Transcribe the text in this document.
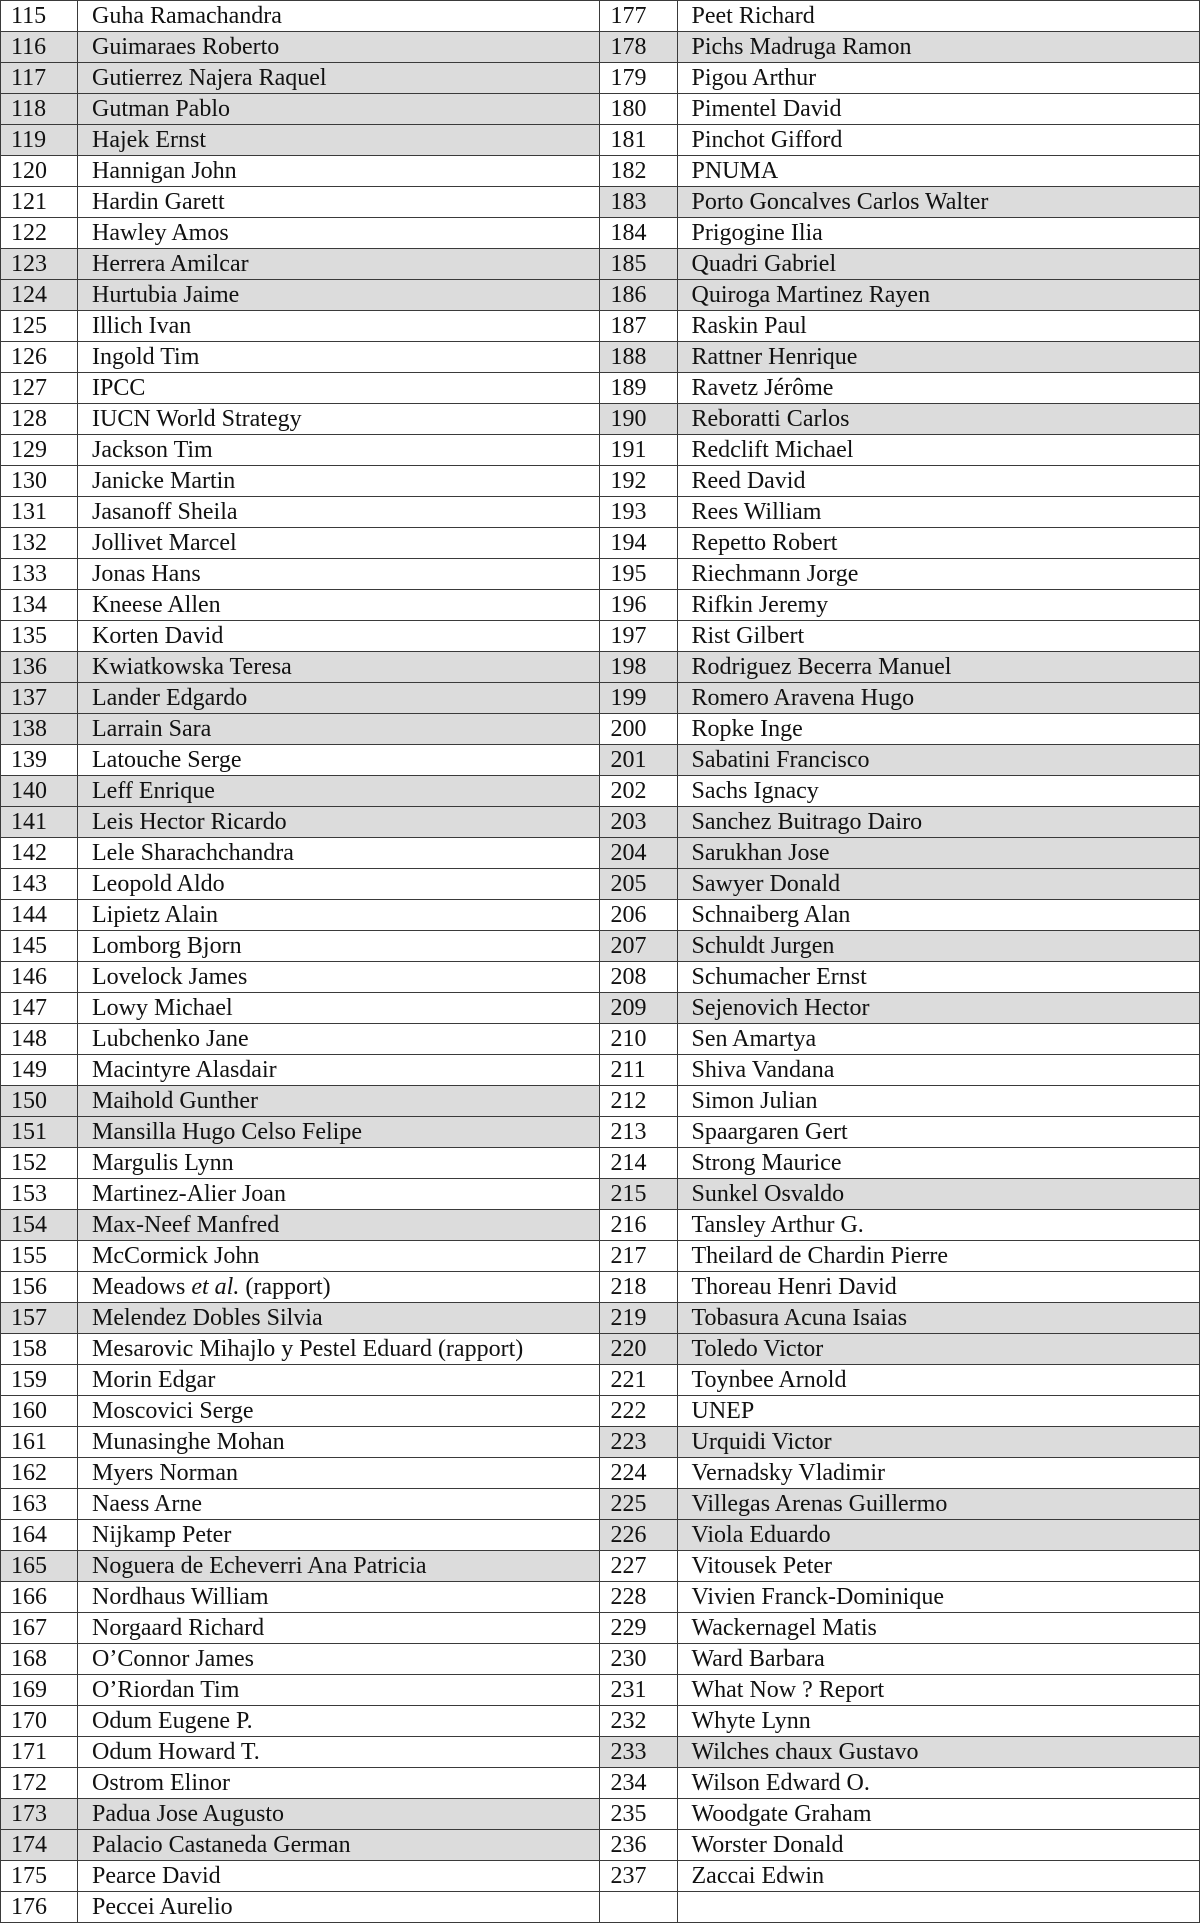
115	Guha Ramachandra	177	Peet Richard
116	Guimaraes Roberto	178	Pichs Madruga Ramon
117	Gutierrez Najera Raquel	179	Pigou Arthur
118	Gutman Pablo	180	Pimentel David
119	Hajek Ernst	181	Pinchot Gifford
120	Hannigan John	182	PNUMA
121	Hardin Garett	183	Porto Goncalves Carlos Walter
122	Hawley Amos	184	Prigogine Ilia
123	Herrera Amilcar	185	Quadri Gabriel
124	Hurtubia Jaime	186	Quiroga Martinez Rayen
125	Illich Ivan	187	Raskin Paul
126	Ingold Tim	188	Rattner Henrique
127	IPCC	189	Ravetz Jérôme
128	IUCN World Strategy	190	Reboratti Carlos
129	Jackson Tim	191	Redclift Michael
130	Janicke Martin	192	Reed David
131	Jasanoff Sheila	193	Rees William
132	Jollivet Marcel	194	Repetto Robert
133	Jonas Hans	195	Riechmann Jorge
134	Kneese Allen	196	Rifkin Jeremy
135	Korten David	197	Rist Gilbert
136	Kwiatkowska Teresa	198	Rodriguez Becerra Manuel
137	Lander Edgardo	199	Romero Aravena Hugo
138	Larrain Sara	200	Ropke Inge
139	Latouche Serge	201	Sabatini Francisco
140	Leff Enrique	202	Sachs Ignacy
141	Leis Hector Ricardo	203	Sanchez Buitrago Dairo
142	Lele Sharachchandra	204	Sarukhan Jose
143	Leopold Aldo	205	Sawyer Donald
144	Lipietz Alain	206	Schnaiberg Alan
145	Lomborg Bjorn	207	Schuldt Jurgen
146	Lovelock James	208	Schumacher Ernst
147	Lowy Michael	209	Sejenovich Hector
148	Lubchenko Jane	210	Sen Amartya
149	Macintyre Alasdair	211	Shiva Vandana
150	Maihold Gunther	212	Simon Julian
151	Mansilla Hugo Celso Felipe	213	Spaargaren Gert
152	Margulis Lynn	214	Strong Maurice
153	Martinez-Alier Joan	215	Sunkel Osvaldo
154	Max-Neef Manfred	216	Tansley Arthur G.
155	McCormick John	217	Theilard de Chardin Pierre
156	Meadows et al. (rapport)	218	Thoreau Henri David
157	Melendez Dobles Silvia	219	Tobasura Acuna Isaias
158	Mesarovic Mihajlo y Pestel Eduard (rapport)	220	Toledo Victor
159	Morin Edgar	221	Toynbee Arnold
160	Moscovici Serge	222	UNEP
161	Munasinghe Mohan	223	Urquidi Victor
162	Myers Norman	224	Vernadsky Vladimir
163	Naess Arne	225	Villegas Arenas Guillermo
164	Nijkamp Peter	226	Viola Eduardo
165	Noguera de Echeverri Ana Patricia	227	Vitousek Peter
166	Nordhaus William	228	Vivien Franck-Dominique
167	Norgaard Richard	229	Wackernagel Matis
168	O’Connor James	230	Ward Barbara
169	O’Riordan Tim	231	What Now ? Report
170	Odum Eugene P.	232	Whyte Lynn
171	Odum Howard T.	233	Wilches chaux Gustavo
172	Ostrom Elinor	234	Wilson Edward O.
173	Padua Jose Augusto	235	Woodgate Graham
174	Palacio Castaneda German	236	Worster Donald
175	Pearce David	237	Zaccai Edwin
176	Peccei Aurelio		
